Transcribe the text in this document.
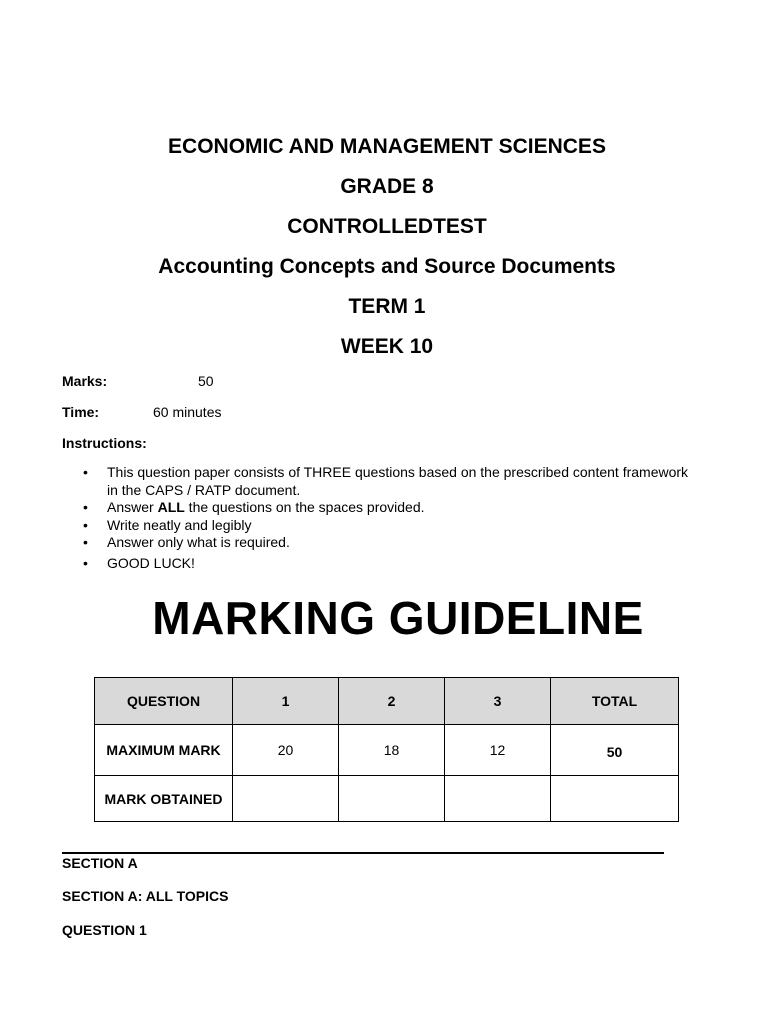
ECONOMIC AND MANAGEMENT SCIENCES
GRADE 8
CONTROLLEDTEST
Accounting Concepts and Source Documents
TERM 1
WEEK 10
Marks:	50
Time:	60 minutes
Instructions:
• This question paper consists of THREE questions based on the prescribed content framework in the CAPS / RATP document.
• Answer ALL the questions on the spaces provided.
• Write neatly and legibly
• Answer only what is required.
• GOOD LUCK!
MARKING GUIDELINE
QUESTION	1	2	3	TOTAL
MAXIMUM MARK	20	18	12	50
MARK OBTAINED				
SECTION A
SECTION A: ALL TOPICS
QUESTION 1
